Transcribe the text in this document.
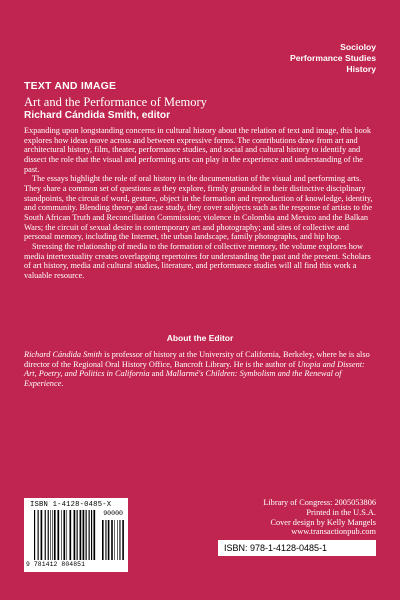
Socioloy
Performance Studies
History
TEXT AND IMAGE
Art and the Performance of Memory
Richard Cándida Smith, editor

Expanding upon longstanding concerns in cultural history about the relation of text and image, this book explores how ideas move across and between expressive forms. The contributions draw from art and architectural history, film, theater, performance studies, and social and cultural history to identify and dissect the role that the visual and performing arts can play in the experience and understanding of the past.

The essays highlight the role of oral history in the documentation of the visual and performing arts. They share a common set of questions as they explore, firmly grounded in their distinctive disciplinary standpoints, the circuit of word, gesture, object in the formation and reproduction of knowledge, identity, and community. Blending theory and case study, they cover subjects such as the response of artists to the South African Truth and Reconciliation Commission; violence in Colombia and Mexico and the Balkan Wars; the circuit of sexual desire in contemporary art and photography; and sites of collective and personal memory, including the Internet, the urban landscape, family photographs, and hip hop.

Stressing the relationship of media to the formation of collective memory, the volume explores how media intertextuality creates overlapping repertoires for understanding the past and the present. Scholars of art history, media and cultural studies, literature, and performance studies will all find this work a valuable resource.

About the Editor
Richard Cándida Smith is professor of history at the University of California, Berkeley, where he is also director of the Regional Oral History Office, Bancroft Library. He is the author of Utopia and Dissent: Art, Poetry, and Politics in California and Mallarmé's Children: Symbolism and the Renewal of Experience.
ISBN 1-4128-0485-X
90000
9 781412 804851
Library of Congress: 2005053806
Printed in the U.S.A.
Cover design by Kelly Mangels
www.transactionpub.com
ISBN: 978-1-4128-0485-1
